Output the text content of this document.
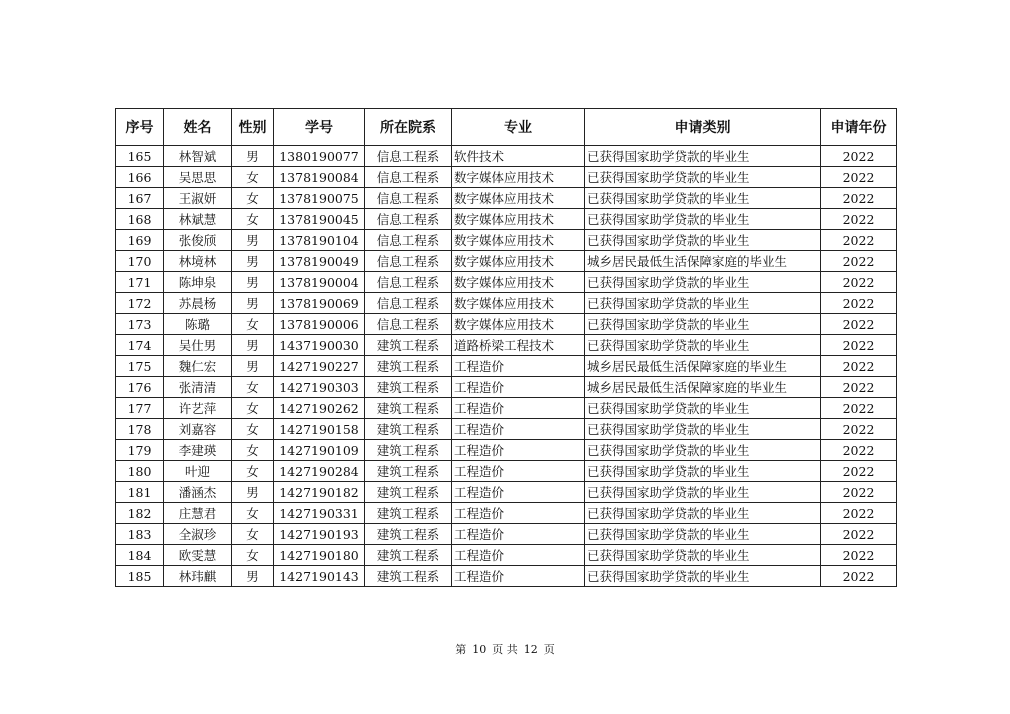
序号	姓名	性别	学号	所在院系	专业	申请类别	申请年份
165	林智斌	男	1380190077	信息工程系	软件技术	已获得国家助学贷款的毕业生	2022
166	吴思思	女	1378190084	信息工程系	数字媒体应用技术	已获得国家助学贷款的毕业生	2022
167	王淑妍	女	1378190075	信息工程系	数字媒体应用技术	已获得国家助学贷款的毕业生	2022
168	林斌慧	女	1378190045	信息工程系	数字媒体应用技术	已获得国家助学贷款的毕业生	2022
169	张俊颀	男	1378190104	信息工程系	数字媒体应用技术	已获得国家助学贷款的毕业生	2022
170	林境林	男	1378190049	信息工程系	数字媒体应用技术	城乡居民最低生活保障家庭的毕业生	2022
171	陈坤泉	男	1378190004	信息工程系	数字媒体应用技术	已获得国家助学贷款的毕业生	2022
172	苏晨杨	男	1378190069	信息工程系	数字媒体应用技术	已获得国家助学贷款的毕业生	2022
173	陈璐	女	1378190006	信息工程系	数字媒体应用技术	已获得国家助学贷款的毕业生	2022
174	吴仕男	男	1437190030	建筑工程系	道路桥梁工程技术	已获得国家助学贷款的毕业生	2022
175	魏仁宏	男	1427190227	建筑工程系	工程造价	城乡居民最低生活保障家庭的毕业生	2022
176	张清清	女	1427190303	建筑工程系	工程造价	城乡居民最低生活保障家庭的毕业生	2022
177	许艺萍	女	1427190262	建筑工程系	工程造价	已获得国家助学贷款的毕业生	2022
178	刘嘉容	女	1427190158	建筑工程系	工程造价	已获得国家助学贷款的毕业生	2022
179	李建瑛	女	1427190109	建筑工程系	工程造价	已获得国家助学贷款的毕业生	2022
180	叶迎	女	1427190284	建筑工程系	工程造价	已获得国家助学贷款的毕业生	2022
181	潘涵杰	男	1427190182	建筑工程系	工程造价	已获得国家助学贷款的毕业生	2022
182	庄慧君	女	1427190331	建筑工程系	工程造价	已获得国家助学贷款的毕业生	2022
183	全淑珍	女	1427190193	建筑工程系	工程造价	已获得国家助学贷款的毕业生	2022
184	欧雯慧	女	1427190180	建筑工程系	工程造价	已获得国家助学贷款的毕业生	2022
185	林玮麒	男	1427190143	建筑工程系	工程造价	已获得国家助学贷款的毕业生	2022
第 10 页 共 12 页
